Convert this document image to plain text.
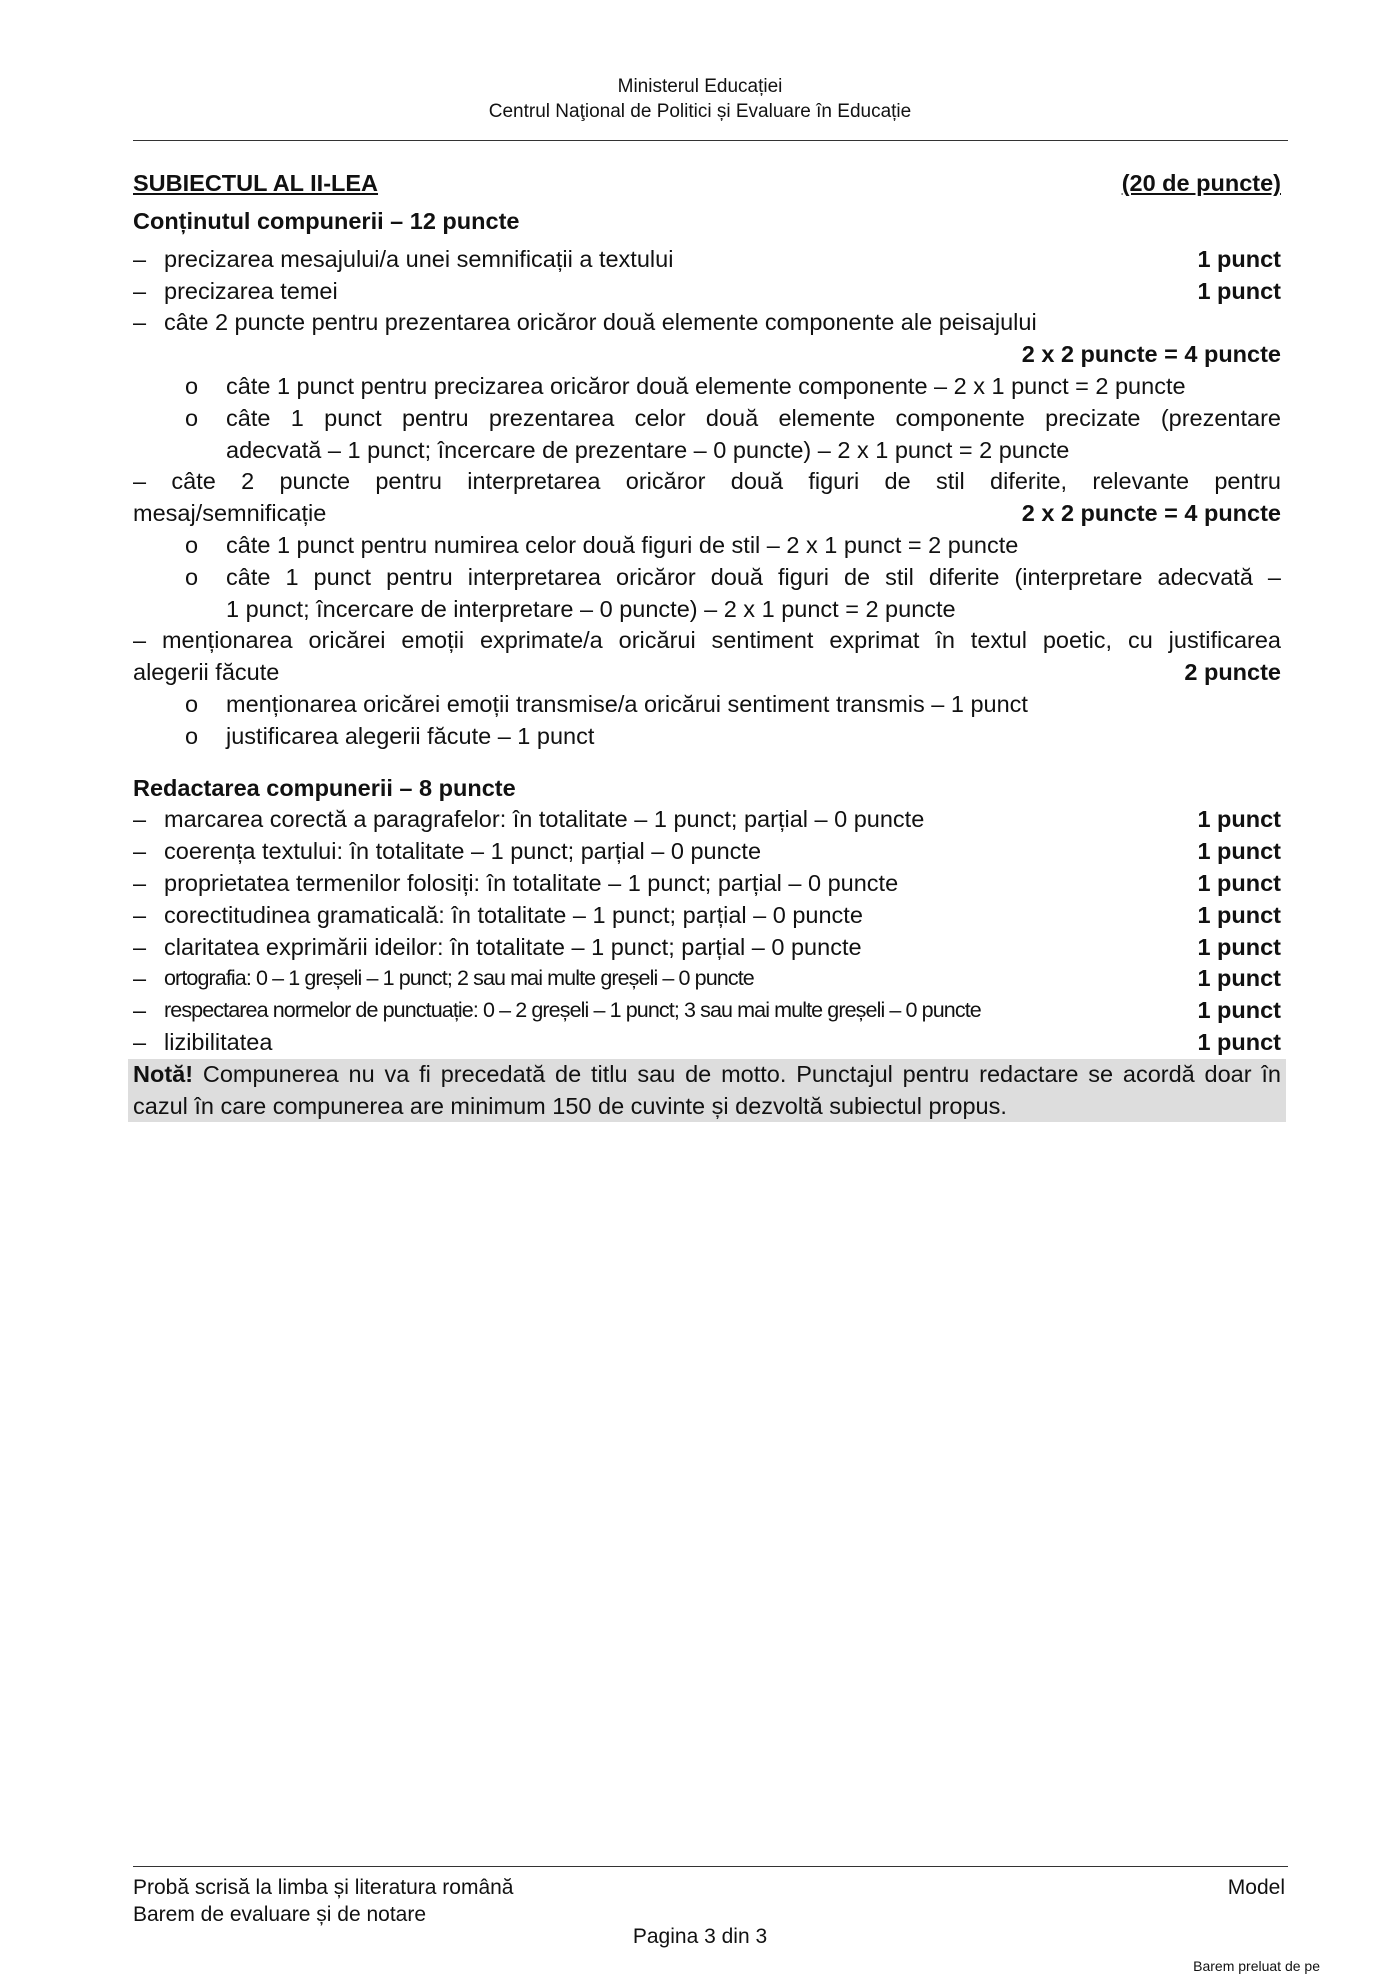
Ministerul Educației
Centrul Naţional de Politici și Evaluare în Educație
SUBIECTUL AL II-LEA	(20 de puncte)
Conținutul compunerii – 12 puncte
– precizarea mesajului/a unei semnificații a textului	1 punct
– precizarea temei	1 punct
– câte 2 puncte pentru prezentarea oricăror două elemente componente ale peisajului
2 x 2 puncte = 4 puncte
o	câte 1 punct pentru precizarea oricăror două elemente componente – 2 x 1 punct = 2 puncte
o	câte 1 punct pentru prezentarea celor două elemente componente precizate (prezentare
adecvată – 1 punct; încercare de prezentare – 0 puncte) – 2 x 1 punct = 2 puncte
– câte 2 puncte pentru interpretarea oricăror două figuri de stil diferite, relevante pentru
mesaj/semnificație	2 x 2 puncte = 4 puncte
o	câte 1 punct pentru numirea celor două figuri de stil – 2 x 1 punct = 2 puncte
o	câte 1 punct pentru interpretarea oricăror două figuri de stil diferite (interpretare adecvată –
1 punct; încercare de interpretare – 0 puncte) – 2 x 1 punct = 2 puncte
– menționarea oricărei emoții exprimate/a oricărui sentiment exprimat în textul poetic, cu justificarea
alegerii făcute	2 puncte
o	menționarea oricărei emoții transmise/a oricărui sentiment transmis – 1 punct
o	justificarea alegerii făcute – 1 punct
Redactarea compunerii – 8 puncte
– marcarea corectă a paragrafelor: în totalitate – 1 punct; parțial – 0 puncte	1 punct
– coerența textului: în totalitate – 1 punct; parțial – 0 puncte	1 punct
– proprietatea termenilor folosiți: în totalitate – 1 punct; parțial – 0 puncte	1 punct
– corectitudinea gramaticală: în totalitate – 1 punct; parțial – 0 puncte	1 punct
– claritatea exprimării ideilor: în totalitate – 1 punct; parțial – 0 puncte	1 punct
– ortografia: 0 – 1 greșeli – 1 punct; 2 sau mai multe greșeli – 0 puncte	1 punct
– respectarea normelor de punctuație: 0 – 2 greșeli – 1 punct; 3 sau mai multe greșeli – 0 puncte	1 punct
– lizibilitatea	1 punct
Notă! Compunerea nu va fi precedată de titlu sau de motto. Punctajul pentru redactare se acordă doar în cazul în care compunerea are minimum 150 de cuvinte și dezvoltă subiectul propus.
Probă scrisă la limba și literatura română
Barem de evaluare și de notare
Model
Pagina 3 din 3
Barem preluat de pe
